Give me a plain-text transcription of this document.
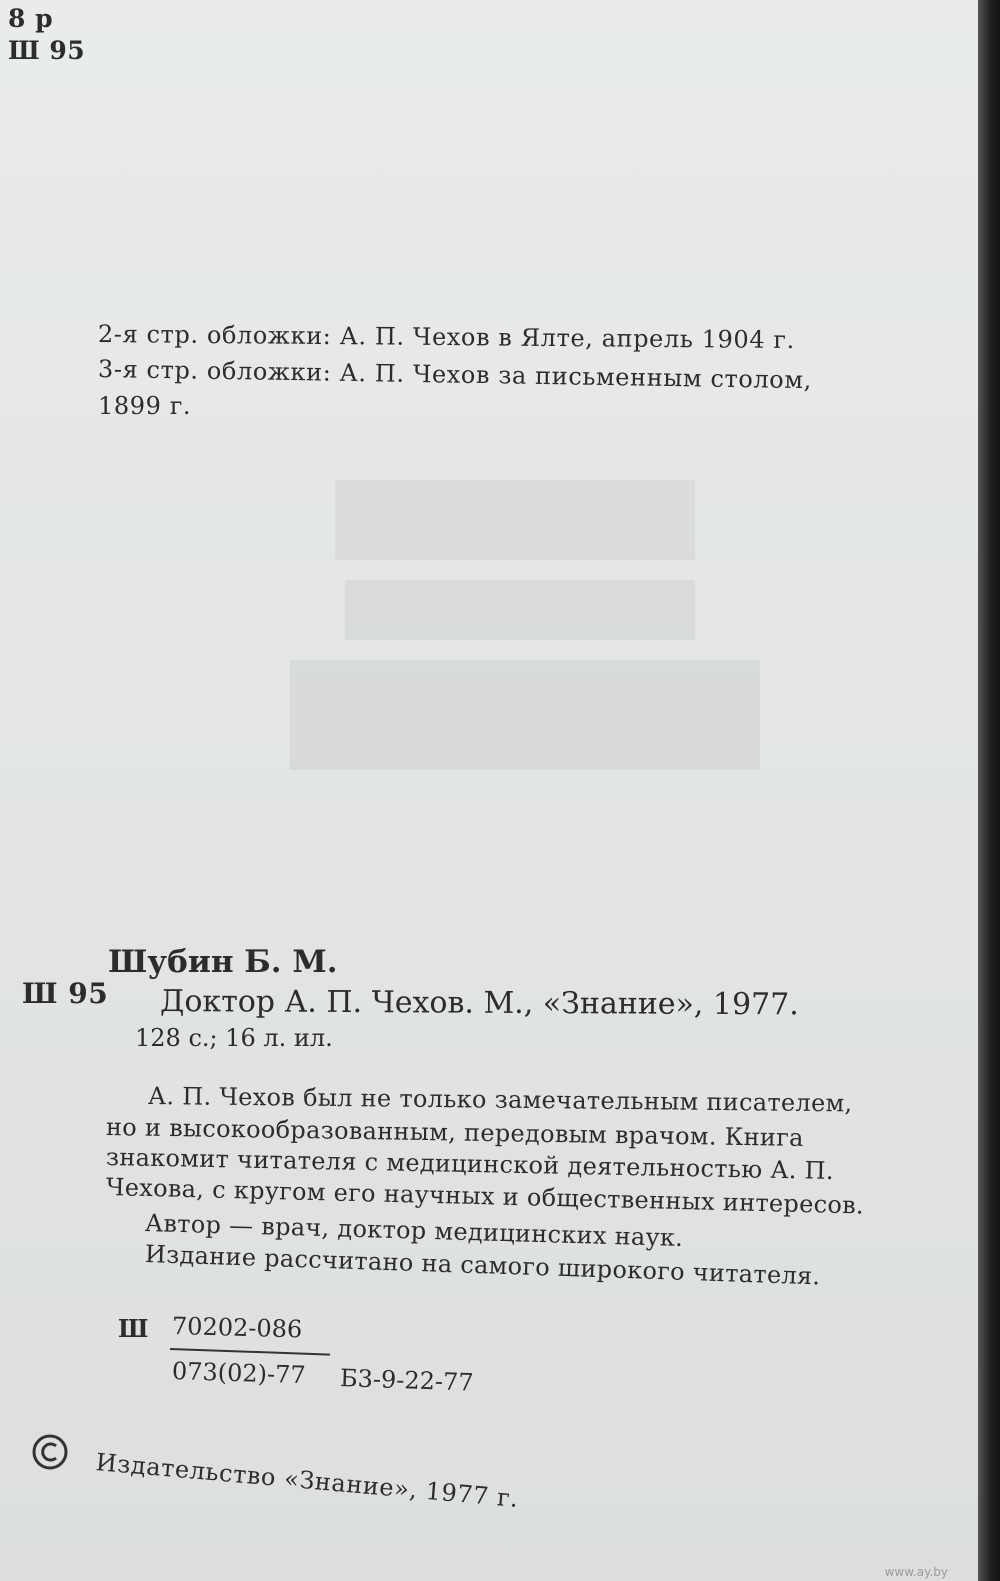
8 р
Ш 95
2-я стр. обложки: А. П. Чехов в Ялте, апрель 1904 г.
3-я стр. обложки: А. П. Чехов за письменным столом,
1899 г.
Шубин Б. М.
Ш 95 Доктор А. П. Чехов. М., «Знание», 1977.
128 с.; 16 л. ил.
А. П. Чехов был не только замечательным писателем,
но и высокообразованным, передовым врачом. Книга
знакомит читателя с медицинской деятельностью А. П.
Чехова, с кругом его научных и общественных интересов.
Автор — врач, доктор медицинских наук.
Издание рассчитано на самого широкого читателя.
Ш 70202-086
073(02)-77 Б3-9-22-77
Издательство «Знание», 1977 г.
www.ay.by
